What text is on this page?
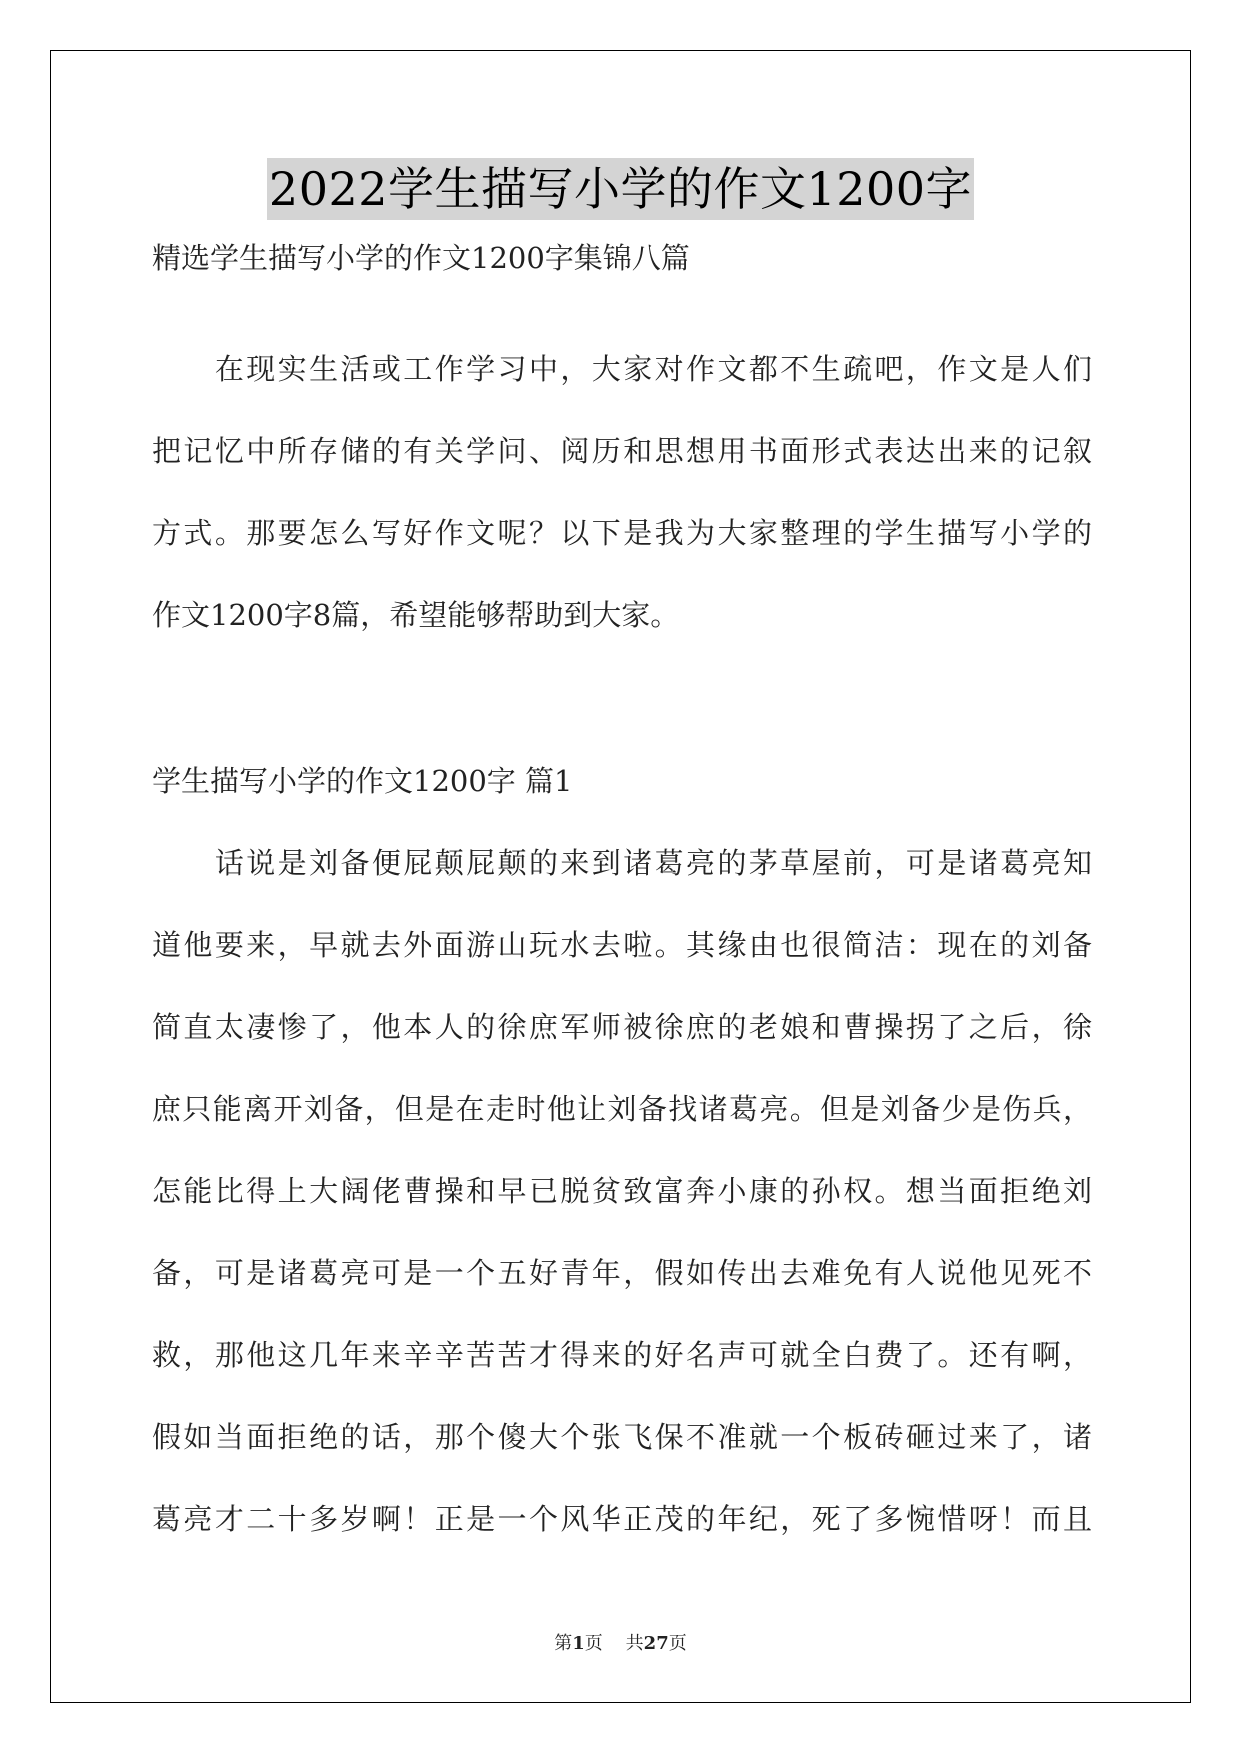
2022学生描写小学的作文1200字

精选学生描写小学的作文1200字集锦八篇

　　在现实生活或工作学习中，大家对作文都不生疏吧，作文是人们

把记忆中所存储的有关学问、阅历和思想用书面形式表达出来的记叙

方式。那要怎么写好作文呢？以下是我为大家整理的学生描写小学的

作文1200字8篇，希望能够帮助到大家。

学生描写小学的作文1200字 篇1

　　话说是刘备便屁颠屁颠的来到诸葛亮的茅草屋前，可是诸葛亮知

道他要来，早就去外面游山玩水去啦。其缘由也很简洁：现在的刘备

简直太凄惨了，他本人的徐庶军师被徐庶的老娘和曹操拐了之后，徐

庶只能离开刘备，但是在走时他让刘备找诸葛亮。但是刘备少是伤兵，

怎能比得上大阔佬曹操和早已脱贫致富奔小康的孙权。想当面拒绝刘

备，可是诸葛亮可是一个五好青年，假如传出去难免有人说他见死不

救，那他这几年来辛辛苦苦才得来的好名声可就全白费了。还有啊，

假如当面拒绝的话，那个傻大个张飞保不准就一个板砖砸过来了，诸

葛亮才二十多岁啊！正是一个风华正茂的年纪，死了多惋惜呀！而且

第1页 共27页
